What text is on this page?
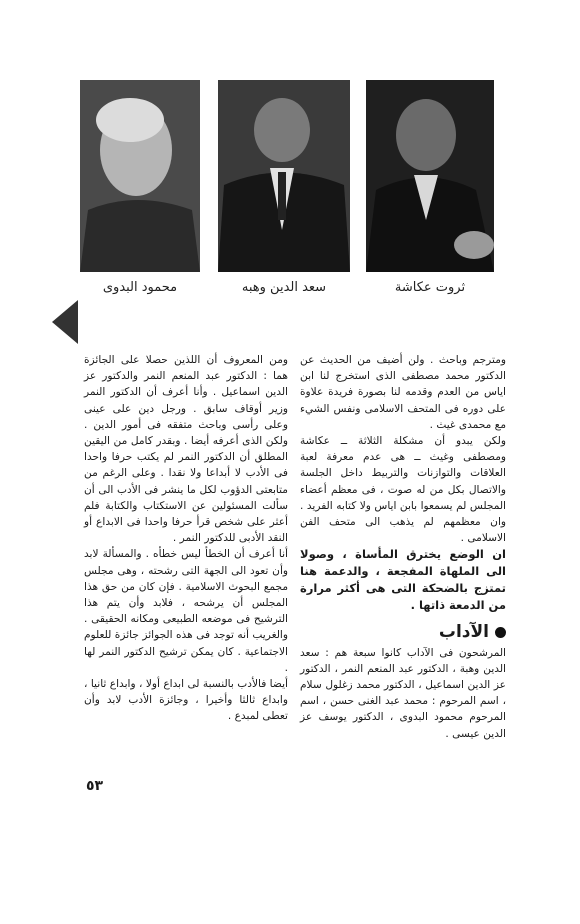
ثروت عكاشة
سعد الدين وهبه
محمود البدوى

ومترجم وباحث . ولن أضيف من الحديث عن الدكتور محمد مصطفى الذى استخرج لنا ابن اياس من العدم وقدمه لنا بصورة فريدة علاوة على دوره فى المتحف الاسلامى ونفس الشيء مع محمدى غيث .

ولكن يبدو أن مشكلة الثلاثة ــ عكاشة ومصطفى وغيث ــ هى عدم معرفة لعبة العلاقات والتوازنات والتربيط داخل الجلسة والاتصال بكل من له صوت ، فى معظم أعضاء المجلس لم يسمعوا بابن اياس ولا كتابه الفريد . وان معظمهم لم يذهب الى متحف الفن الاسلامى .

ان الوضع يخترق المأساة ، وصولا الى الملهاة المفجعة ، والدعمة هنا تمتزج بالضحكة التى هى أكثر مرارة من الدمعة ذاتها .

الآداب

المرشحون فى الآداب كانوا سبعة هم : سعد الدين وهبة ، الدكتور عبد المنعم النمر ، الدكتور عز الدين اسماعيل ، الدكتور محمد زغلول سلام ، اسم المرحوم : محمد عبد الغنى حسن ، اسم المرحوم محمود البدوى ، الدكتور يوسف عز الدين عيسى .

ومن المعروف أن اللذين حصلا على الجائزة هما : الدكتور عبد المنعم النمر والدكتور عز الدين اسماعيل . وأنا أعرف أن الدكتور النمر وزير أوقاف سابق . ورجل دين على عينى وعلى رأسى وباحث متفقه فى أمور الدين . ولكن الذى أعرفه أيضا . وبقدر كامل من اليقين المطلق أن الدكتور النمر لم يكتب حرفا واحدا فى الأدب لا أبداعا ولا نقدا . وعلى الرغم من متابعتى الدؤوب لكل ما ينشر فى الأدب الى أن سألت المسئولين عن الاستكتاب والكتابة فلم أعثر على شخص قرأ حرفا واحدا فى الابداع أو النقد الأدبى للدكتور النمر .

أنا أعرف أن الخطأ ليس خطأه . والمسألة لابد وأن تعود الى الجهة التى رشحته ، وهى مجلس مجمع البحوث الاسلامية . فإن كان من حق هذا المجلس أن يرشحه ، فلابد وأن يتم هذا الترشيح فى موضعه الطبيعى ومكانه الحقيقى . والغريب أنه توجد فى هذه الجوائز جائزة للعلوم الاجتماعية . كان يمكن ترشيح الدكتور النمر لها .

أيضا فالأدب بالنسبة لى ابداع أولا ، وابداع ثانيا ، وابداع ثالثا وأخيرا ، وجائزة الأدب لابد وأن تعطى لمبدع .

٥٣
